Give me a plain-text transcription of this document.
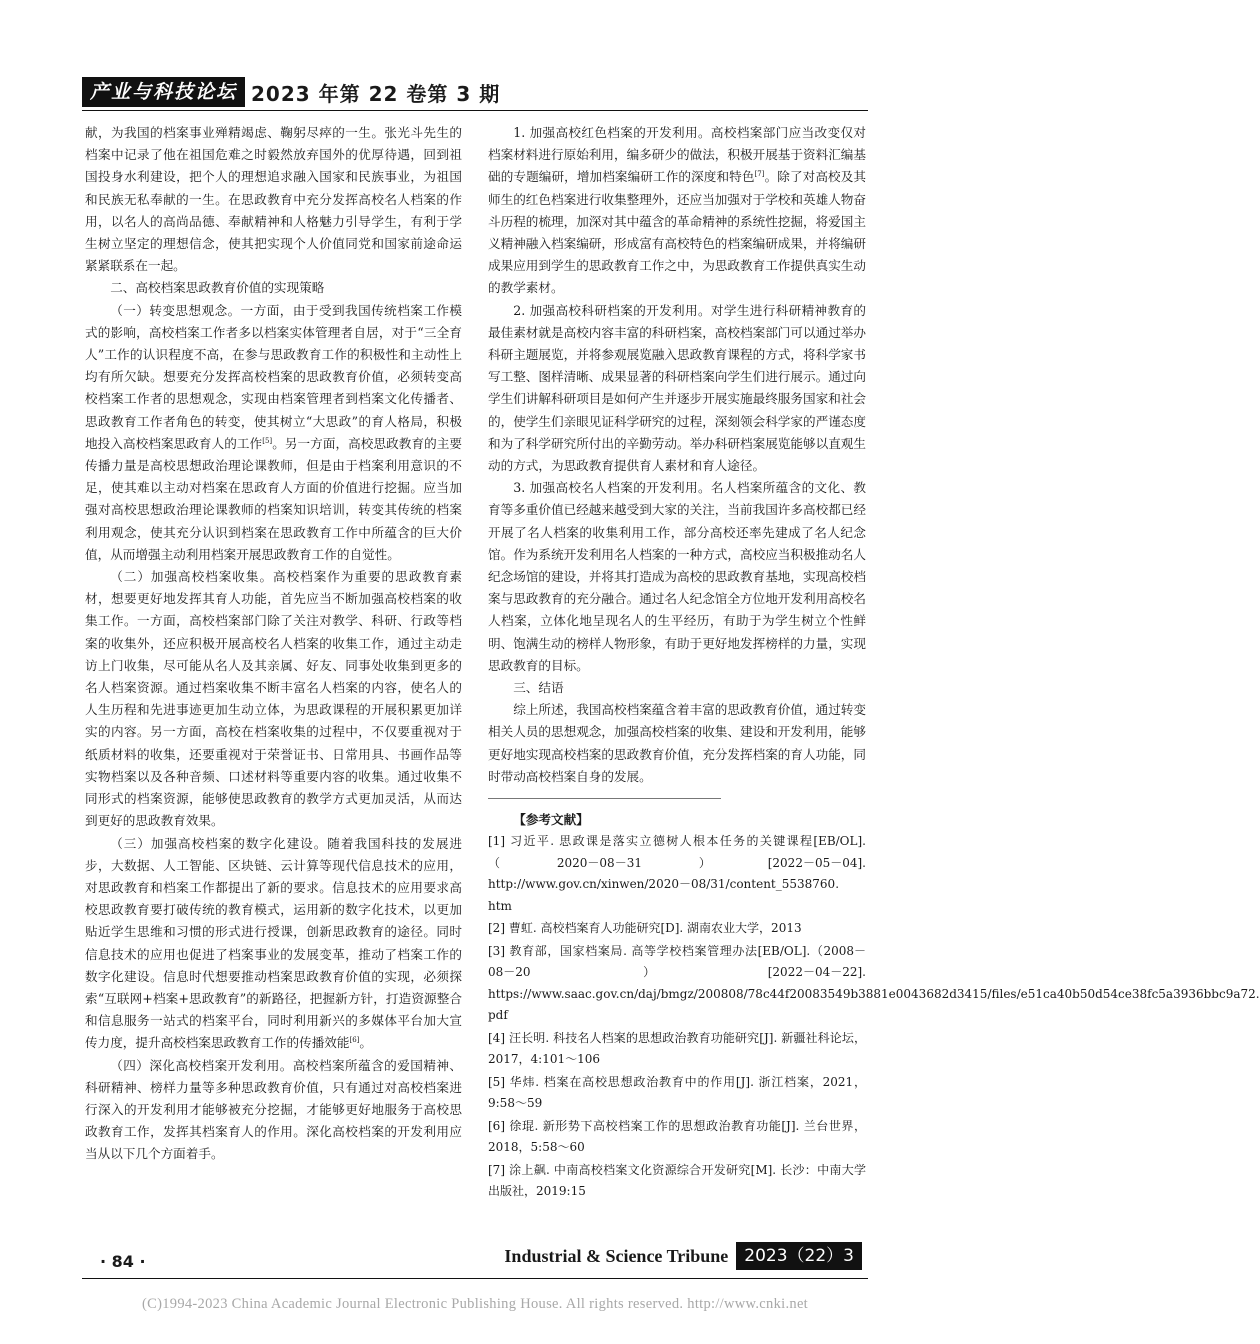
产业与科技论坛 2023 年第 22 卷第 3 期

献，为我国的档案事业殚精竭虑、鞠躬尽瘁的一生。张光斗先生的档案中记录了他在祖国危难之时毅然放弃国外的优厚待遇，回到祖国投身水利建设，把个人的理想追求融入国家和民族事业，为祖国和民族无私奉献的一生。在思政教育中充分发挥高校名人档案的作用，以名人的高尚品德、奉献精神和人格魅力引导学生，有利于学生树立坚定的理想信念，使其把实现个人价值同党和国家前途命运紧紧联系在一起。

二、高校档案思政教育价值的实现策略

（一）转变思想观念。一方面，由于受到我国传统档案工作模式的影响，高校档案工作者多以档案实体管理者自居，对于“三全育人”工作的认识程度不高，在参与思政教育工作的积极性和主动性上均有所欠缺。想要充分发挥高校档案的思政教育价值，必须转变高校档案工作者的思想观念，实现由档案管理者到档案文化传播者、思政教育工作者角色的转变，使其树立“大思政”的育人格局，积极地投入高校档案思政育人的工作[5]。另一方面，高校思政教育的主要传播力量是高校思想政治理论课教师，但是由于档案利用意识的不足，使其难以主动对档案在思政育人方面的价值进行挖掘。应当加强对高校思想政治理论课教师的档案知识培训，转变其传统的档案利用观念，使其充分认识到档案在思政教育工作中所蕴含的巨大价值，从而增强主动利用档案开展思政教育工作的自觉性。

（二）加强高校档案收集。高校档案作为重要的思政教育素材，想要更好地发挥其育人功能，首先应当不断加强高校档案的收集工作。一方面，高校档案部门除了关注对教学、科研、行政等档案的收集外，还应积极开展高校名人档案的收集工作，通过主动走访上门收集，尽可能从名人及其亲属、好友、同事处收集到更多的名人档案资源。通过档案收集不断丰富名人档案的内容，使名人的人生历程和先进事迹更加生动立体，为思政课程的开展积累更加详实的内容。另一方面，高校在档案收集的过程中，不仅要重视对于纸质材料的收集，还要重视对于荣誉证书、日常用具、书画作品等实物档案以及各种音频、口述材料等重要内容的收集。通过收集不同形式的档案资源，能够使思政教育的教学方式更加灵活，从而达到更好的思政教育效果。

（三）加强高校档案的数字化建设。随着我国科技的发展进步，大数据、人工智能、区块链、云计算等现代信息技术的应用，对思政教育和档案工作都提出了新的要求。信息技术的应用要求高校思政教育要打破传统的教育模式，运用新的数字化技术，以更加贴近学生思维和习惯的形式进行授课，创新思政教育的途径。同时信息技术的应用也促进了档案事业的发展变革，推动了档案工作的数字化建设。信息时代想要推动档案思政教育价值的实现，必须探索“互联网+档案+思政教育”的新路径，把握新方针，打造资源整合和信息服务一站式的档案平台，同时利用新兴的多媒体平台加大宣传力度，提升高校档案思政教育工作的传播效能[6]。

（四）深化高校档案开发利用。高校档案所蕴含的爱国精神、科研精神、榜样力量等多种思政教育价值，只有通过对高校档案进行深入的开发利用才能够被充分挖掘，才能够更好地服务于高校思政教育工作，发挥其档案育人的作用。深化高校档案的开发利用应当从以下几个方面着手。

1. 加强高校红色档案的开发利用。高校档案部门应当改变仅对档案材料进行原始利用，编多研少的做法，积极开展基于资料汇编基础的专题编研，增加档案编研工作的深度和特色[7]。除了对高校及其师生的红色档案进行收集整理外，还应当加强对于学校和英雄人物奋斗历程的梳理，加深对其中蕴含的革命精神的系统性挖掘，将爱国主义精神融入档案编研，形成富有高校特色的档案编研成果，并将编研成果应用到学生的思政教育工作之中，为思政教育工作提供真实生动的教学素材。

2. 加强高校科研档案的开发利用。对学生进行科研精神教育的最佳素材就是高校内容丰富的科研档案，高校档案部门可以通过举办科研主题展览，并将参观展览融入思政教育课程的方式，将科学家书写工整、图样清晰、成果显著的科研档案向学生们进行展示。通过向学生们讲解科研项目是如何产生并逐步开展实施最终服务国家和社会的，使学生们亲眼见证科学研究的过程，深刻领会科学家的严谨态度和为了科学研究所付出的辛勤劳动。举办科研档案展览能够以直观生动的方式，为思政教育提供育人素材和育人途径。

3. 加强高校名人档案的开发利用。名人档案所蕴含的文化、教育等多重价值已经越来越受到大家的关注，当前我国许多高校都已经开展了名人档案的收集利用工作，部分高校还率先建成了名人纪念馆。作为系统开发利用名人档案的一种方式，高校应当积极推动名人纪念场馆的建设，并将其打造成为高校的思政教育基地，实现高校档案与思政教育的充分融合。通过名人纪念馆全方位地开发利用高校名人档案，立体化地呈现名人的生平经历，有助于为学生树立个性鲜明、饱满生动的榜样人物形象，有助于更好地发挥榜样的力量，实现思政教育的目标。

三、结语

综上所述，我国高校档案蕴含着丰富的思政教育价值，通过转变相关人员的思想观念，加强高校档案的收集、建设和开发利用，能够更好地实现高校档案的思政教育价值，充分发挥档案的育人功能，同时带动高校档案自身的发展。

【参考文献】

[1] 习近平. 思政课是落实立德树人根本任务的关键课程[EB/OL].（2020－08－31）[2022－05－04]. http://www.gov.cn/xinwen/2020－08/31/content_5538760. htm
[2] 曹虹. 高校档案育人功能研究[D]. 湖南农业大学，2013
[3] 教育部，国家档案局. 高等学校档案管理办法[EB/OL].（2008－08－20）[2022－04－22]. https://www.saac.gov.cn/daj/bmgz/200808/78c44f20083549b3881e0043682d3415/files/e51ca40b50d54ce38fc5a3936bbc9a72. pdf
[4] 汪长明. 科技名人档案的思想政治教育功能研究[J]. 新疆社科论坛，2017，4:101～106
[5] 华炜. 档案在高校思想政治教育中的作用[J]. 浙江档案，2021，9:58～59
[6] 徐琨. 新形势下高校档案工作的思想政治教育功能[J]. 兰台世界，2018，5:58～60
[7] 涂上飙. 中南高校档案文化资源综合开发研究[M]. 长沙：中南大学出版社，2019:15
· 84 ·	Industrial & Science Tribune 2023（22）3
(C)1994-2023 China Academic Journal Electronic Publishing House. All rights reserved. http://www.cnki.net
